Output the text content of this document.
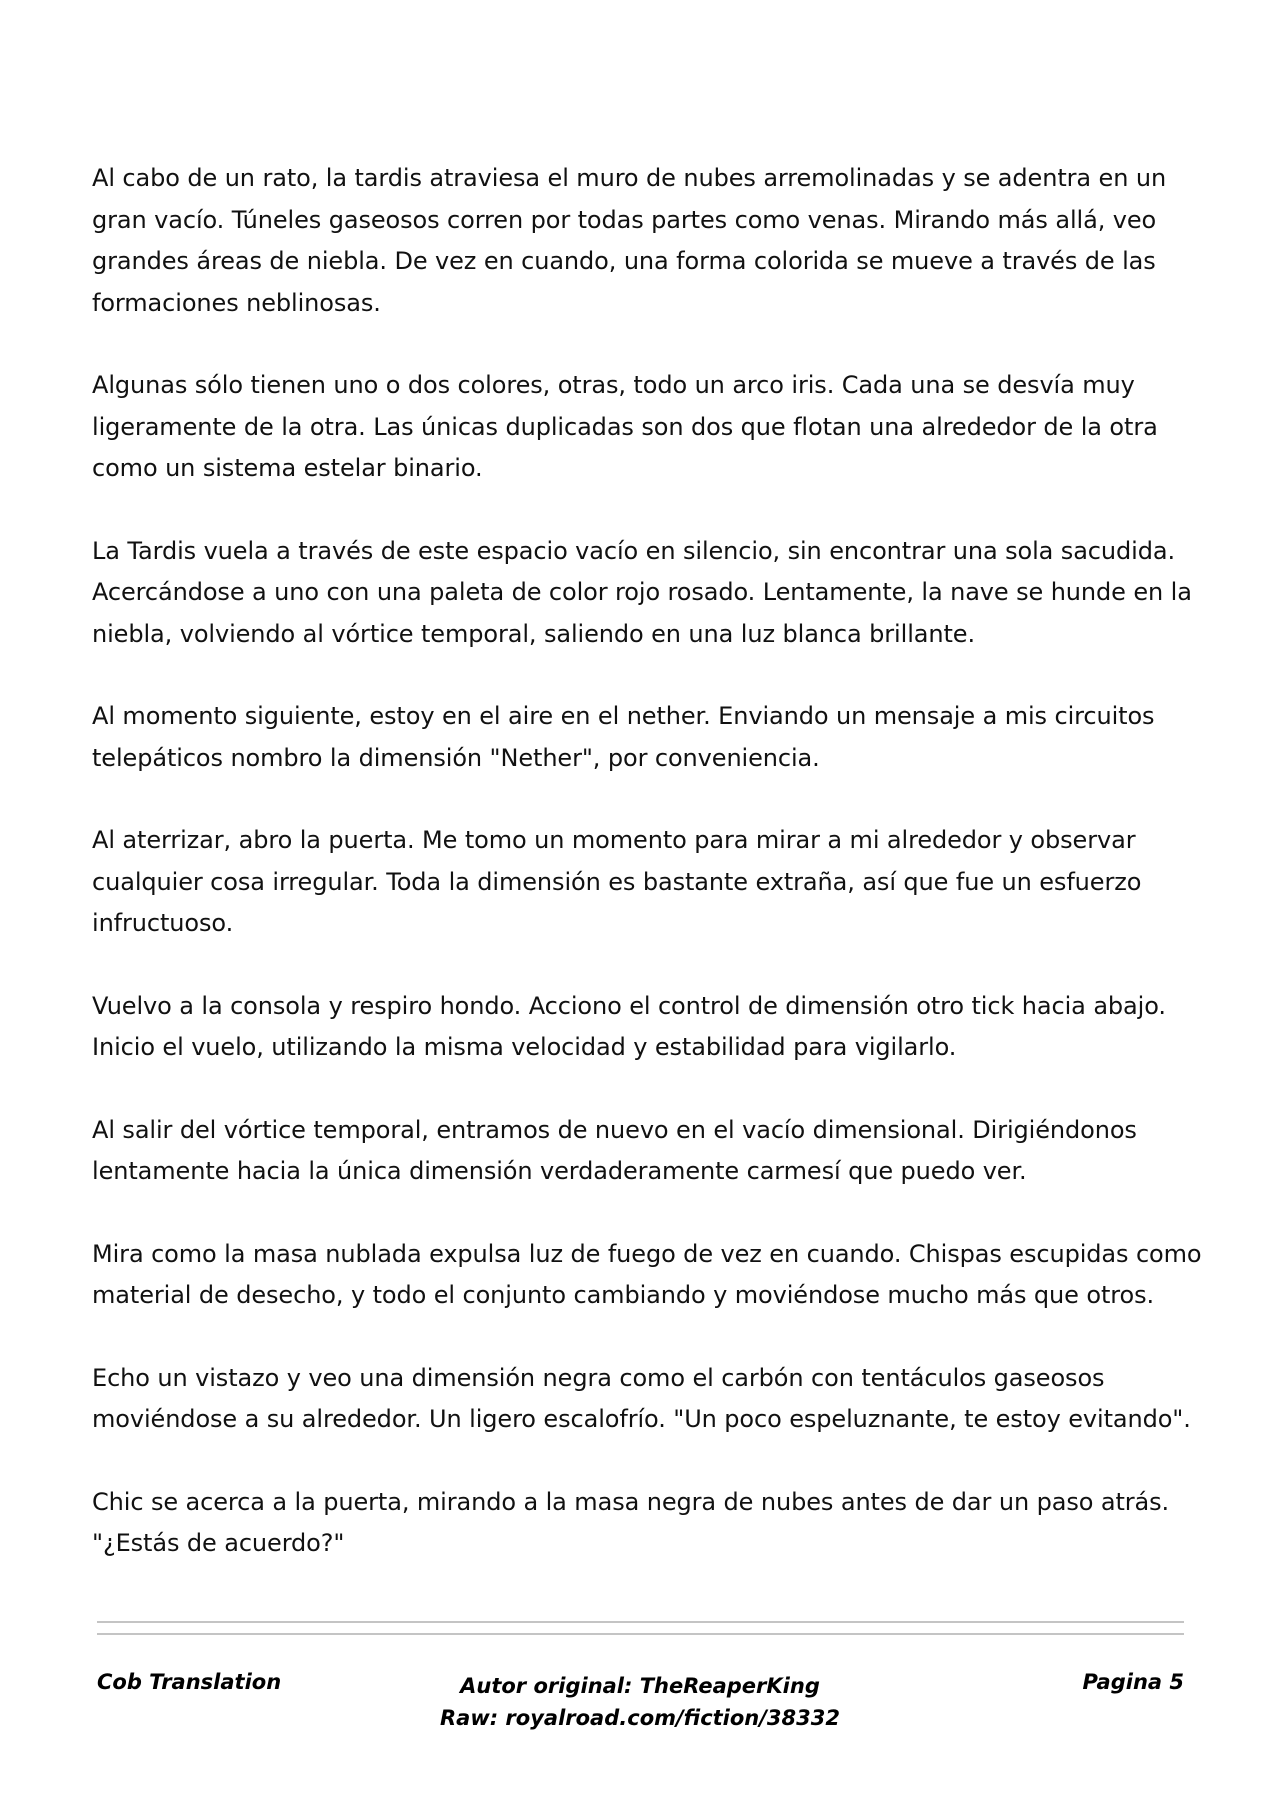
Al cabo de un rato, la tardis atraviesa el muro de nubes arremolinadas y se adentra en un gran vacío. Túneles gaseosos corren por todas partes como venas. Mirando más allá, veo grandes áreas de niebla. De vez en cuando, una forma colorida se mueve a través de las formaciones neblinosas.

Algunas sólo tienen uno o dos colores, otras, todo un arco iris. Cada una se desvía muy ligeramente de la otra. Las únicas duplicadas son dos que flotan una alrededor de la otra como un sistema estelar binario.

La Tardis vuela a través de este espacio vacío en silencio, sin encontrar una sola sacudida. Acercándose a uno con una paleta de color rojo rosado. Lentamente, la nave se hunde en la niebla, volviendo al vórtice temporal, saliendo en una luz blanca brillante.

Al momento siguiente, estoy en el aire en el nether. Enviando un mensaje a mis circuitos telepáticos nombro la dimensión "Nether", por conveniencia.

Al aterrizar, abro la puerta. Me tomo un momento para mirar a mi alrededor y observar cualquier cosa irregular. Toda la dimensión es bastante extraña, así que fue un esfuerzo infructuoso.

Vuelvo a la consola y respiro hondo. Acciono el control de dimensión otro tick hacia abajo. Inicio el vuelo, utilizando la misma velocidad y estabilidad para vigilarlo.

Al salir del vórtice temporal, entramos de nuevo en el vacío dimensional. Dirigiéndonos lentamente hacia la única dimensión verdaderamente carmesí que puedo ver.

Mira como la masa nublada expulsa luz de fuego de vez en cuando. Chispas escupidas como material de desecho, y todo el conjunto cambiando y moviéndose mucho más que otros.

Echo un vistazo y veo una dimensión negra como el carbón con tentáculos gaseosos moviéndose a su alrededor. Un ligero escalofrío. "Un poco espeluznante, te estoy evitando".

Chic se acerca a la puerta, mirando a la masa negra de nubes antes de dar un paso atrás. "¿Estás de acuerdo?"

Cob Translation	Autor original: TheReaperKing
Raw: royalroad.com/fiction/38332
Pagina 5
